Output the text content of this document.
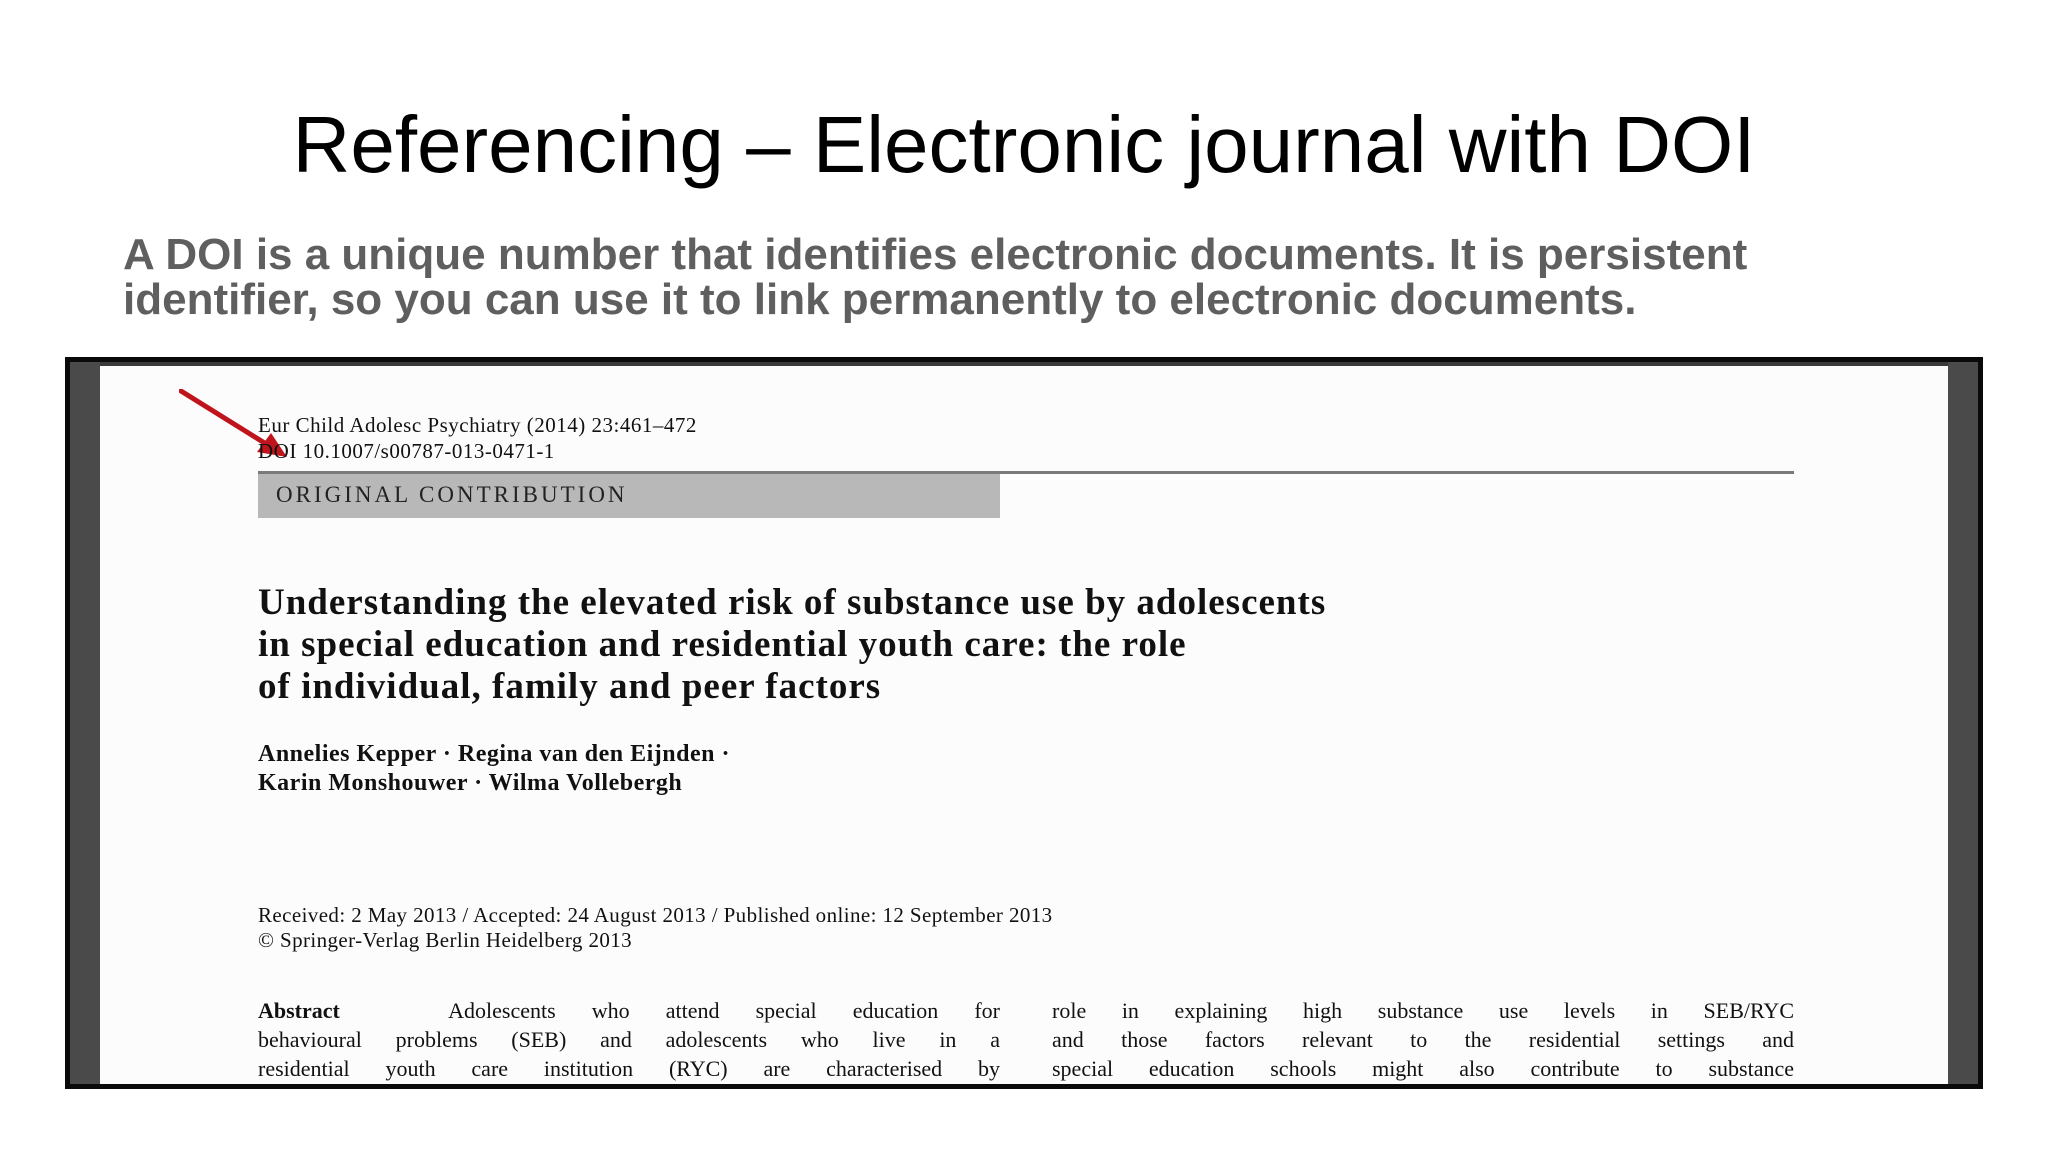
Referencing – Electronic journal with DOI
A DOI is a unique number that identifies electronic documents. It is persistent
identifier, so you can use it to link permanently to electronic documents.
Eur Child Adolesc Psychiatry (2014) 23:461–472
DOI 10.1007/s00787-013-0471-1
ORIGINAL CONTRIBUTION
Understanding the elevated risk of substance use by adolescents
in special education and residential youth care: the role
of individual, family and peer factors
Annelies Kepper · Regina van den Eijnden ·
Karin Monshouwer · Wilma Vollebergh
Received: 2 May 2013 / Accepted: 24 August 2013 / Published online: 12 September 2013
© Springer-Verlag Berlin Heidelberg 2013
Abstract	Adolescents who attend special education for
behavioural problems (SEB) and adolescents who live in a
residential youth care institution (RYC) are characterised by
role in explaining high substance use levels in SEB/RYC
and those factors relevant to the residential settings and
special education schools might also contribute to substance
